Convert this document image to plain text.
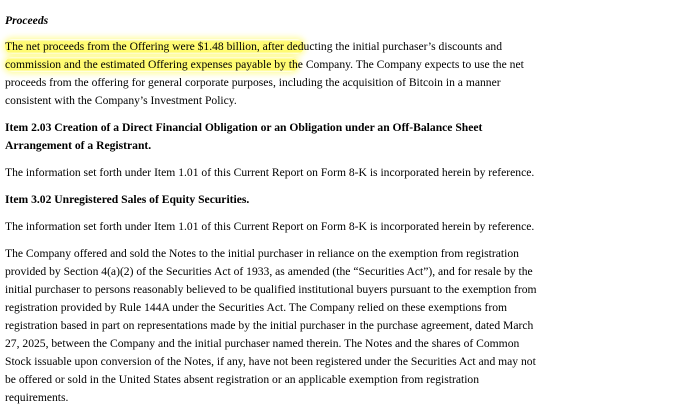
Proceeds

The net proceeds from the Offering were $1.48 billion, after deducting the initial purchaser’s discounts and

commission and the estimated Offering expenses payable by the Company. The Company expects to use the net

proceeds from the offering for general corporate purposes, including the acquisition of Bitcoin in a manner

consistent with the Company’s Investment Policy.

Item 2.03 Creation of a Direct Financial Obligation or an Obligation under an Off-Balance Sheet

Arrangement of a Registrant.

The information set forth under Item 1.01 of this Current Report on Form 8-K is incorporated herein by reference.

Item 3.02 Unregistered Sales of Equity Securities.

The information set forth under Item 1.01 of this Current Report on Form 8-K is incorporated herein by reference.

The Company offered and sold the Notes to the initial purchaser in reliance on the exemption from registration

provided by Section 4(a)(2) of the Securities Act of 1933, as amended (the “Securities Act”), and for resale by the

initial purchaser to persons reasonably believed to be qualified institutional buyers pursuant to the exemption from

registration provided by Rule 144A under the Securities Act. The Company relied on these exemptions from

registration based in part on representations made by the initial purchaser in the purchase agreement, dated March

27, 2025, between the Company and the initial purchaser named therein. The Notes and the shares of Common

Stock issuable upon conversion of the Notes, if any, have not been registered under the Securities Act and may not

be offered or sold in the United States absent registration or an applicable exemption from registration

requirements.
